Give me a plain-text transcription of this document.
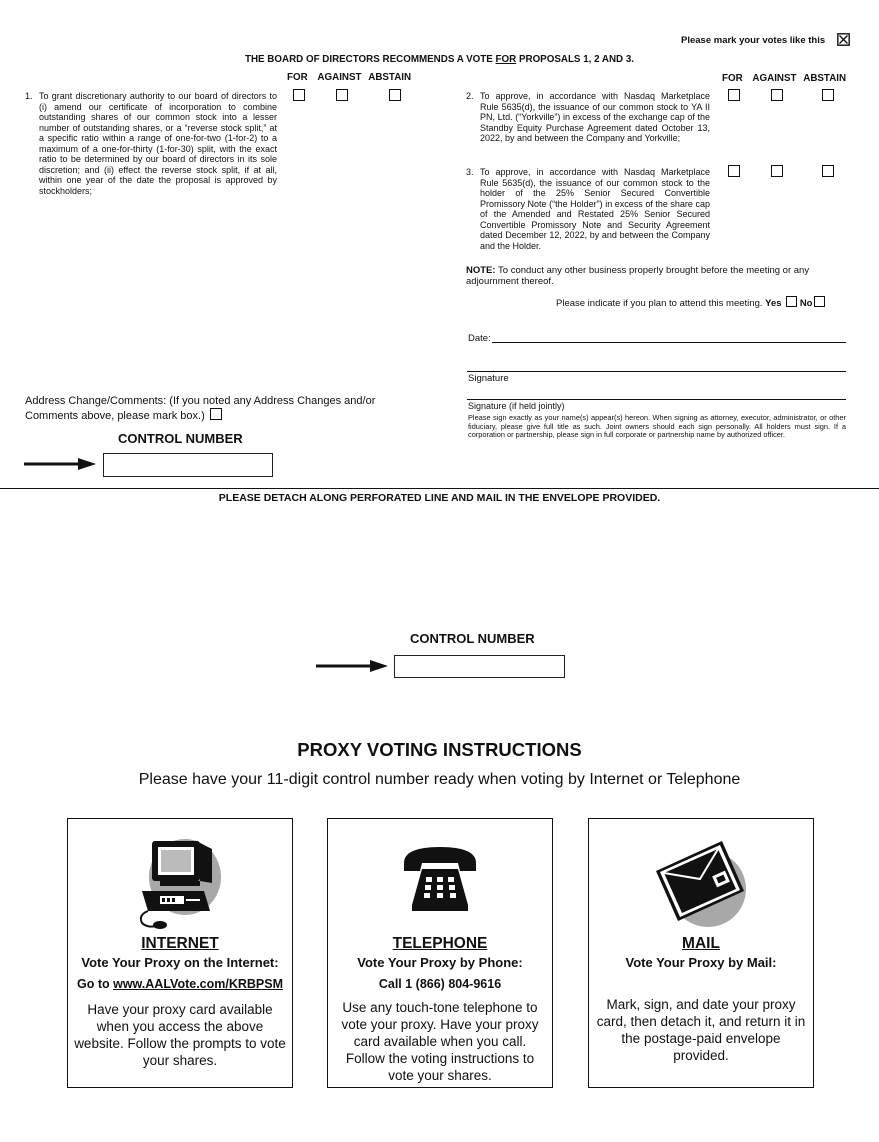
Please mark your votes like this
THE BOARD OF DIRECTORS RECOMMENDS A VOTE FOR PROPOSALS 1, 2 AND 3.
FOR AGAINST ABSTAIN	FOR AGAINST ABSTAIN
1. To grant discretionary authority to our board of directors to (i) amend our certificate of incorporation to combine outstanding shares of our common stock into a lesser number of outstanding shares, or a “reverse stock split,” at a specific ratio within a range of one-for-two (1-for-2) to a maximum of a one-for-thirty (1-for-30) split, with the exact ratio to be determined by our board of directors in its sole discretion; and (ii) effect the reverse stock split, if at all, within one year of the date the proposal is approved by stockholders;
2. To approve, in accordance with Nasdaq Marketplace Rule 5635(d), the issuance of our common stock to YA II PN, Ltd. (“Yorkville”) in excess of the exchange cap of the Standby Equity Purchase Agreement dated October 13, 2022, by and between the Company and Yorkville;
3. To approve, in accordance with Nasdaq Marketplace Rule 5635(d), the issuance of our common stock to the holder of the 25% Senior Secured Convertible Promissory Note (“the Holder”) in excess of the share cap of the Amended and Restated 25% Senior Secured Convertible Promissory Note and Security Agreement dated December 12, 2022, by and between the Company and the Holder.
NOTE: To conduct any other business properly brought before the meeting or any adjournment thereof.
Please indicate if you plan to attend this meeting. Yes No
Date:
Signature
Signature (if held jointly)
Please sign exactly as your name(s) appear(s) hereon. When signing as attorney, executor, administrator, or other fiduciary, please give full title as such. Joint owners should each sign personally. All holders must sign. If a corporation or partnership, please sign in full corporate or partnership name by authorized officer.
Address Change/Comments: (If you noted any Address Changes and/or Comments above, please mark box.)
CONTROL NUMBER
PLEASE DETACH ALONG PERFORATED LINE AND MAIL IN THE ENVELOPE PROVIDED.
CONTROL NUMBER
PROXY VOTING INSTRUCTIONS
Please have your 11-digit control number ready when voting by Internet or Telephone
INTERNET
Vote Your Proxy on the Internet:
Go to www.AALVote.com/KRBPSM
Have your proxy card available when you access the above website. Follow the prompts to vote your shares.
TELEPHONE
Vote Your Proxy by Phone:
Call 1 (866) 804-9616
Use any touch-tone telephone to vote your proxy. Have your proxy card available when you call. Follow the voting instructions to vote your shares.
MAIL
Vote Your Proxy by Mail:
Mark, sign, and date your proxy card, then detach it, and return it in the postage-paid envelope provided.
